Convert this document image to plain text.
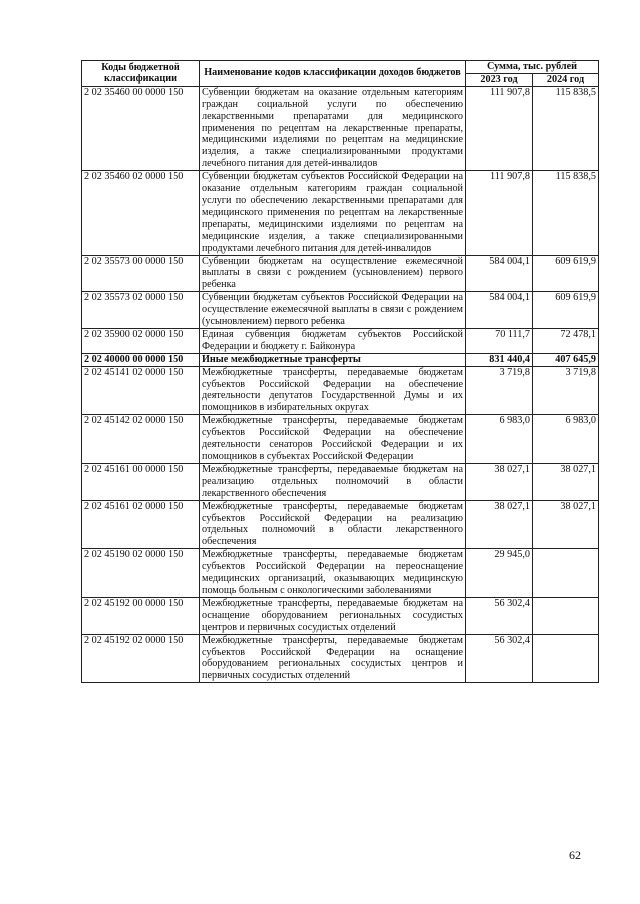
Коды бюджетной классификации	Наименование кодов классификации доходов бюджетов	Сумма, тыс. рублей	
		2023 год	2024 год
2 02 35460 00 0000 150	Субвенции бюджетам на оказание отдельным категориям граждан социальной услуги по обеспечению лекарственными препаратами для медицинского применения по рецептам на лекарственные препараты, медицинскими изделиями по рецептам на медицинские изделия, а также специализированными продуктами лечебного питания для детей-инвалидов	111 907,8	115 838,5
2 02 35460 02 0000 150	Субвенции бюджетам субъектов Российской Федерации на оказание отдельным категориям граждан социальной услуги по обеспечению лекарственными препаратами для медицинского применения по рецептам на лекарственные препараты, медицинскими изделиями по рецептам на медицинские изделия, а также специализированными продуктами лечебного питания для детей-инвалидов	111 907,8	115 838,5
2 02 35573 00 0000 150	Субвенции бюджетам на осуществление ежемесячной выплаты в связи с рождением (усыновлением) первого ребенка	584 004,1	609 619,9
2 02 35573 02 0000 150	Субвенции бюджетам субъектов Российской Федерации на осуществление ежемесячной выплаты в связи с рождением (усыновлением) первого ребенка	584 004,1	609 619,9
2 02 35900 02 0000 150	Единая субвенция бюджетам субъектов Российской Федерации и бюджету г. Байконура	70 111,7	72 478,1
2 02 40000 00 0000 150	Иные межбюджетные трансферты	831 440,4	407 645,9
2 02 45141 02 0000 150	Межбюджетные трансферты, передаваемые бюджетам субъектов Российской Федерации на обеспечение деятельности депутатов Государственной Думы и их помощников в избирательных округах	3 719,8	3 719,8
2 02 45142 02 0000 150	Межбюджетные трансферты, передаваемые бюджетам субъектов Российской Федерации на обеспечение деятельности сенаторов Российской Федерации и их помощников в субъектах Российской Федерации	6 983,0	6 983,0
2 02 45161 00 0000 150	Межбюджетные трансферты, передаваемые бюджетам на реализацию отдельных полномочий в области лекарственного обеспечения	38 027,1	38 027,1
2 02 45161 02 0000 150	Межбюджетные трансферты, передаваемые бюджетам субъектов Российской Федерации на реализацию отдельных полномочий в области лекарственного обеспечения	38 027,1	38 027,1
2 02 45190 02 0000 150	Межбюджетные трансферты, передаваемые бюджетам субъектов Российской Федерации на переоснащение медицинских организаций, оказывающих медицинскую помощь больным с онкологическими заболеваниями	29 945,0	
2 02 45192 00 0000 150	Межбюджетные трансферты, передаваемые бюджетам на оснащение оборудованием региональных сосудистых центров и первичных сосудистых отделений	56 302,4	
2 02 45192 02 0000 150	Межбюджетные трансферты, передаваемые бюджетам субъектов Российской Федерации на оснащение оборудованием региональных сосудистых центров и первичных сосудистых отделений	56 302,4	
62
